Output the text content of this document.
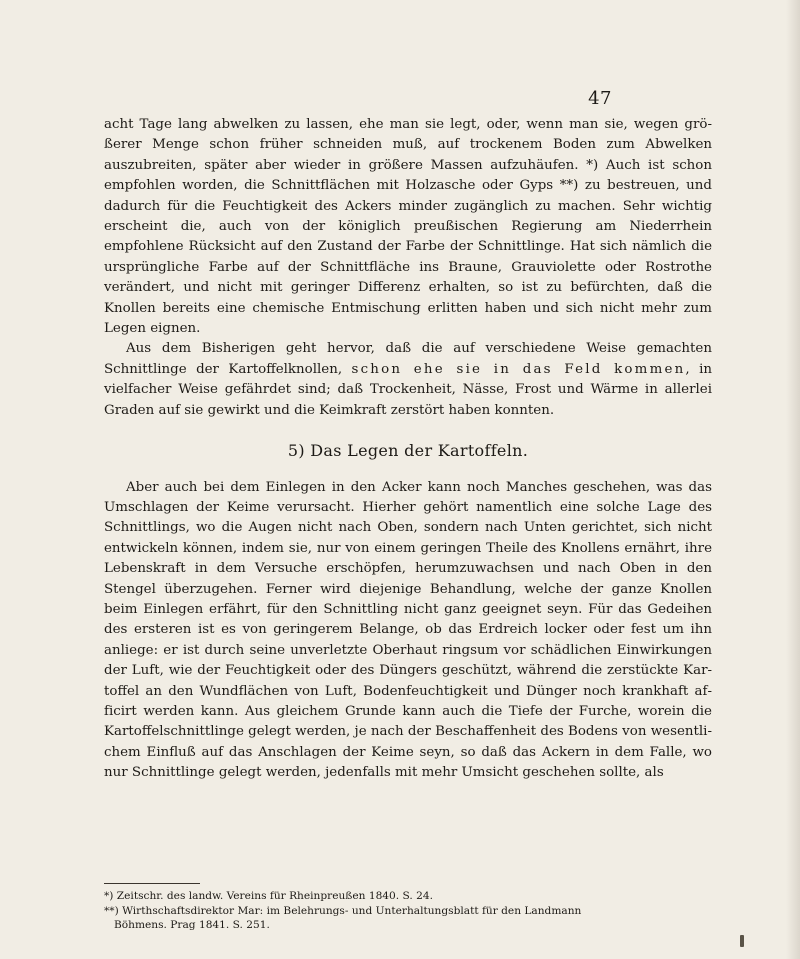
47

acht Tage lang abwelken zu lassen, ehe man sie legt, oder, wenn man sie, wegen größerer Menge schon früher schneiden muß, auf trockenem Boden zum Abwelken auszubreiten, später aber wieder in größere Massen aufzuhäufen. *) Auch ist schon empfohlen worden, die Schnittflächen mit Holzasche oder Gyps **) zu bestreuen, und dadurch für die Feuchtigkeit des Ackers minder zugänglich zu machen. Sehr wichtig erscheint die, auch von der königlich preußischen Regierung am Niederrhein empfohlene Rücksicht auf den Zustand der Farbe der Schnittlinge. Hat sich nämlich die ursprüngliche Farbe auf der Schnittfläche ins Braune, Grauviolette oder Rostrothe verändert, und nicht mit geringer Differenz erhalten, so ist zu befürchten, daß die Knollen bereits eine chemische Entmischung erlitten haben und sich nicht mehr zum Legen eignen.

Aus dem Bisherigen geht hervor, daß die auf verschiedene Weise gemachten Schnittlinge der Kartoffelknollen, schon ehe sie in das Feld kommen, in vielfacher Weise gefährdet sind; daß Trockenheit, Nässe, Frost und Wärme in allerlei Graden auf sie gewirkt und die Keimkraft zerstört haben konnten.

5) Das Legen der Kartoffeln.

Aber auch bei dem Einlegen in den Acker kann noch Manches geschehen, was das Umschlagen der Keime verursacht. Hierher gehört namentlich eine solche Lage des Schnittlings, wo die Augen nicht nach Oben, sondern nach Unten gerichtet, sich nicht entwickeln können, indem sie, nur von einem geringen Theile des Knollens ernährt, ihre Lebenskraft in dem Versuche erschöpfen, herumzuwachsen und nach Oben in den Stengel überzugehen. Ferner wird diejenige Behandlung, welche der ganze Knollen beim Einlegen erfährt, für den Schnittling nicht ganz geeignet seyn. Für das Gedeihen des ersteren ist es von geringerem Belange, ob das Erdreich locker oder fest um ihn anliege: er ist durch seine unverletzte Oberhaut ringsum vor schädlichen Einwirkungen der Luft, wie der Feuchtigkeit oder des Düngers geschützt, während die zerstückte Kartoffel an den Wundflächen von Luft, Bodenfeuchtigkeit und Dünger noch krankhaft afficirt werden kann. Aus gleichem Grunde kann auch die Tiefe der Furche, worein die Kartoffelschnittlinge gelegt werden, je nach der Beschaffenheit des Bodens von wesentlichem Einfluß auf das Anschlagen der Keime seyn, so daß das Ackern in dem Falle, wo nur Schnittlinge gelegt werden, jedenfalls mit mehr Umsicht geschehen sollte, als

*) Zeitschr. des landw. Vereins für Rheinpreußen 1840. S. 24.

**) Wirthschaftsdirektor Mar: im Belehrungs- und Unterhaltungsblatt für den Landmann

Böhmens. Prag 1841. S. 251.
